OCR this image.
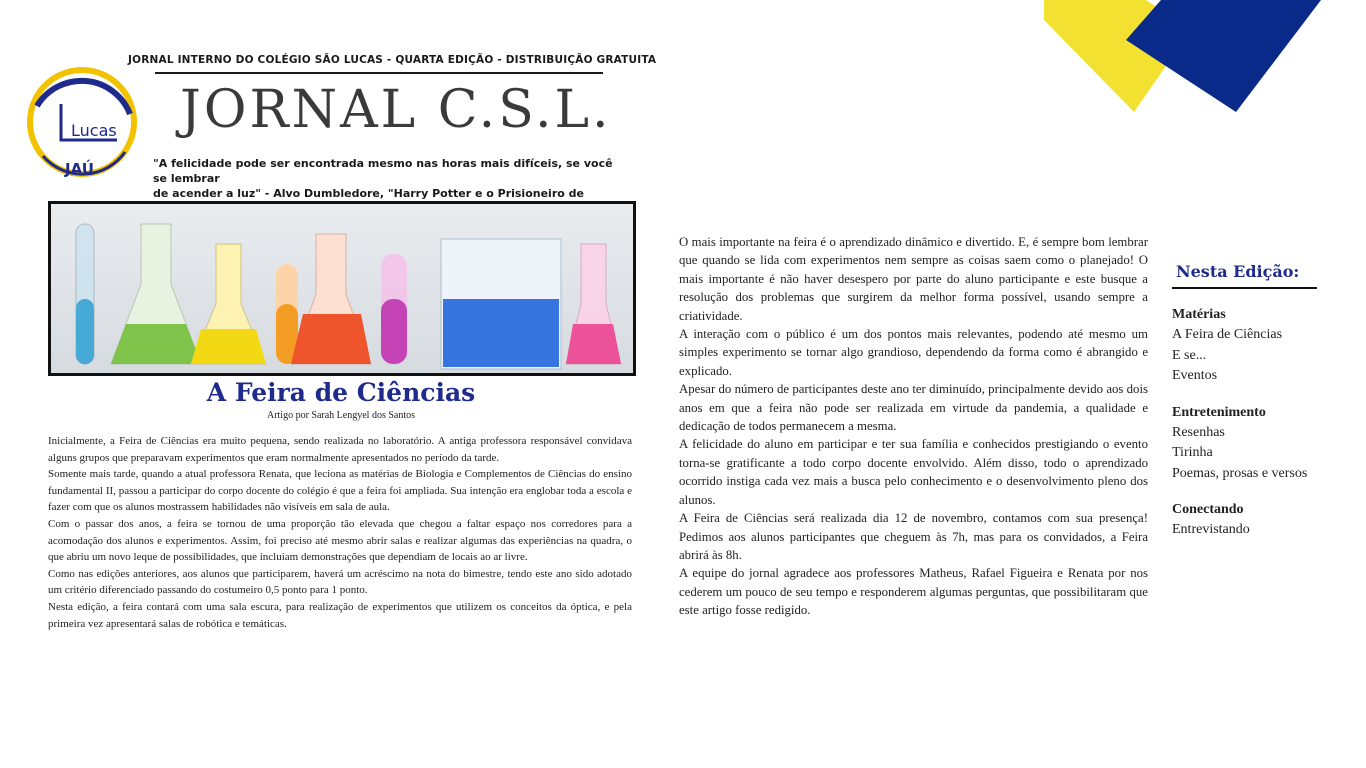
JORNAL INTERNO DO COLÉGIO SÃO LUCAS - QUARTA EDIÇÃO - DISTRIBUIÇÃO GRATUITA
Lucas
JAÚ
JORNAL C.S.L.
"A felicidade pode ser encontrada mesmo nas horas mais difíceis, se você se lembrar
de acender a luz" - Alvo Dumbledore, "Harry Potter e o Prisioneiro de
A Feira de Ciências
Artigo por Sarah Lengyel dos Santos

Inicialmente, a Feira de Ciências era muito pequena, sendo realizada no laboratório. A antiga professora responsável convidava alguns grupos que preparavam experimentos que eram normalmente apresentados no período da tarde.

Somente mais tarde, quando a atual professora Renata, que leciona as matérias de Biologia e Complementos de Ciências do ensino fundamental II, passou a participar do corpo docente do colégio é que a feira foi ampliada. Sua intenção era englobar toda a escola e fazer com que os alunos mostrassem habilidades não visíveis em sala de aula.

Com o passar dos anos, a feira se tornou de uma proporção tão elevada que chegou a faltar espaço nos corredores para a acomodação dos alunos e experimentos. Assim, foi preciso até mesmo abrir salas e realizar algumas das experiências na quadra, o que abriu um novo leque de possibilidades, que incluíam demonstrações que dependiam de locais ao ar livre.

Como nas edições anteriores, aos alunos que participarem, haverá um acréscimo na nota do bimestre, tendo este ano sido adotado um critério diferenciado passando do costumeiro 0,5 ponto para 1 ponto.

Nesta edição, a feira contará com uma sala escura, para realização de experimentos que utilizem os conceitos da óptica, e pela primeira vez apresentará salas de robótica e temáticas.

O mais importante na feira é o aprendizado dinâmico e divertido. E, é sempre bom lembrar que quando se lida com experimentos nem sempre as coisas saem como o planejado! O mais importante é não haver desespero por parte do aluno participante e este busque a resolução dos problemas que surgirem da melhor forma possível, usando sempre a criatividade.

A interação com o público é um dos pontos mais relevantes, podendo até mesmo um simples experimento se tornar algo grandioso, dependendo da forma como é abrangido e explicado.

Apesar do número de participantes deste ano ter diminuído, principalmente devido aos dois anos em que a feira não pode ser realizada em virtude da pandemia, a qualidade e dedicação de todos permanecem a mesma.

A felicidade do aluno em participar e ter sua família e conhecidos prestigiando o evento torna-se gratificante a todo corpo docente envolvido. Além disso, todo o aprendizado ocorrido instiga cada vez mais a busca pelo conhecimento e o desenvolvimento pleno dos alunos.

A Feira de Ciências será realizada dia 12 de novembro, contamos com sua presença! Pedimos aos alunos participantes que cheguem às 7h, mas para os convidados, a Feira abrirá às 8h.

A equipe do jornal agradece aos professores Matheus, Rafael Figueira e Renata por nos cederem um pouco de seu tempo e responderem algumas perguntas, que possibilitaram que este artigo fosse redigido.

Nesta Edição:
Matérias
A Feira de Ciências
E se...
Eventos
Entretenimento
Resenhas
Tirinha
Poemas, prosas e versos
Conectando
Entrevistando
